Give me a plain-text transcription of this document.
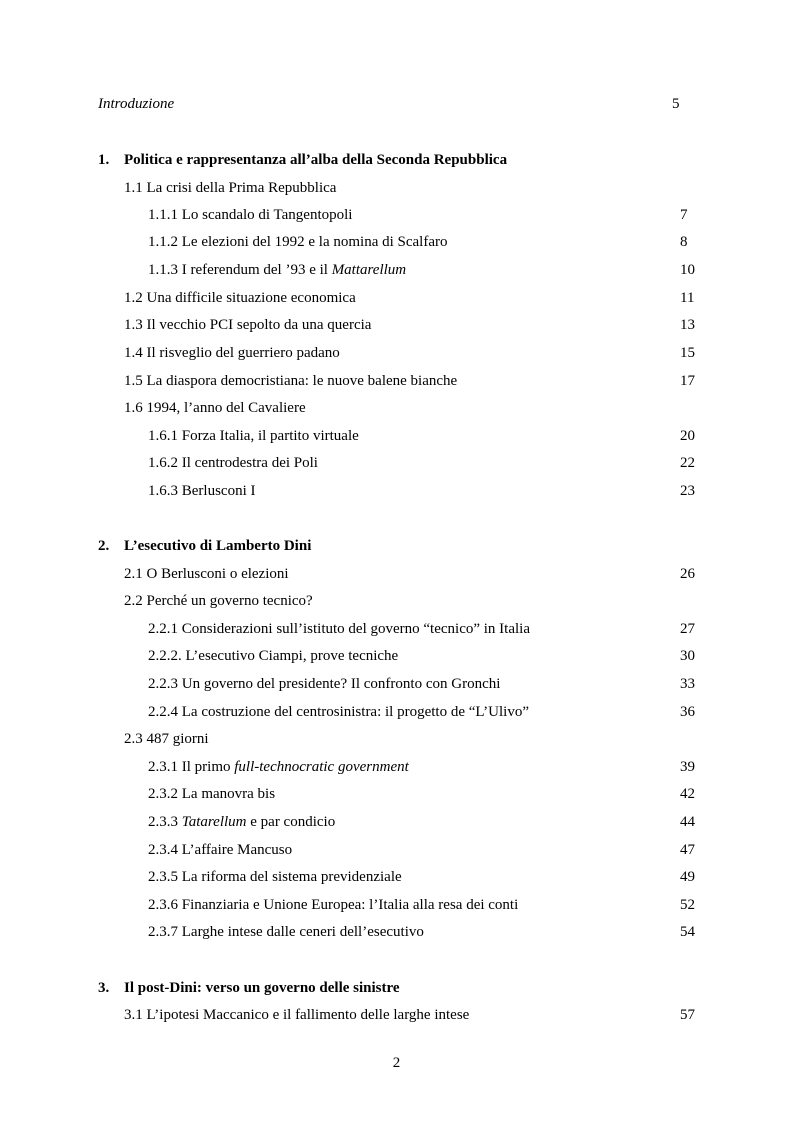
Introduzione	5
1. Politica e rappresentanza all’alba della Seconda Repubblica
1.1 La crisi della Prima Repubblica
1.1.1 Lo scandalo di Tangentopoli	7
1.1.2 Le elezioni del 1992 e la nomina di Scalfaro	8
1.1.3 I referendum del ’93 e il Mattarellum	10
1.2 Una difficile situazione economica	11
1.3 Il vecchio PCI sepolto da una quercia	13
1.4 Il risveglio del guerriero padano	15
1.5 La diaspora democristiana: le nuove balene bianche	17
1.6 1994, l’anno del Cavaliere
1.6.1 Forza Italia, il partito virtuale	20
1.6.2 Il centrodestra dei Poli	22
1.6.3 Berlusconi I	23
2. L’esecutivo di Lamberto Dini
2.1 O Berlusconi o elezioni	26
2.2 Perché un governo tecnico?
2.2.1 Considerazioni sull’istituto del governo “tecnico” in Italia	27
2.2.2. L’esecutivo Ciampi, prove tecniche	30
2.2.3 Un governo del presidente? Il confronto con Gronchi	33
2.2.4 La costruzione del centrosinistra: il progetto de “L’Ulivo”	36
2.3 487 giorni
2.3.1 Il primo full-technocratic government	39
2.3.2 La manovra bis	42
2.3.3 Tatarellum e par condicio	44
2.3.4 L’affaire Mancuso	47
2.3.5 La riforma del sistema previdenziale	49
2.3.6 Finanziaria e Unione Europea: l’Italia alla resa dei conti	52
2.3.7 Larghe intese dalle ceneri dell’esecutivo	54
3. Il post-Dini: verso un governo delle sinistre
3.1 L’ipotesi Maccanico e il fallimento delle larghe intese	57
2
